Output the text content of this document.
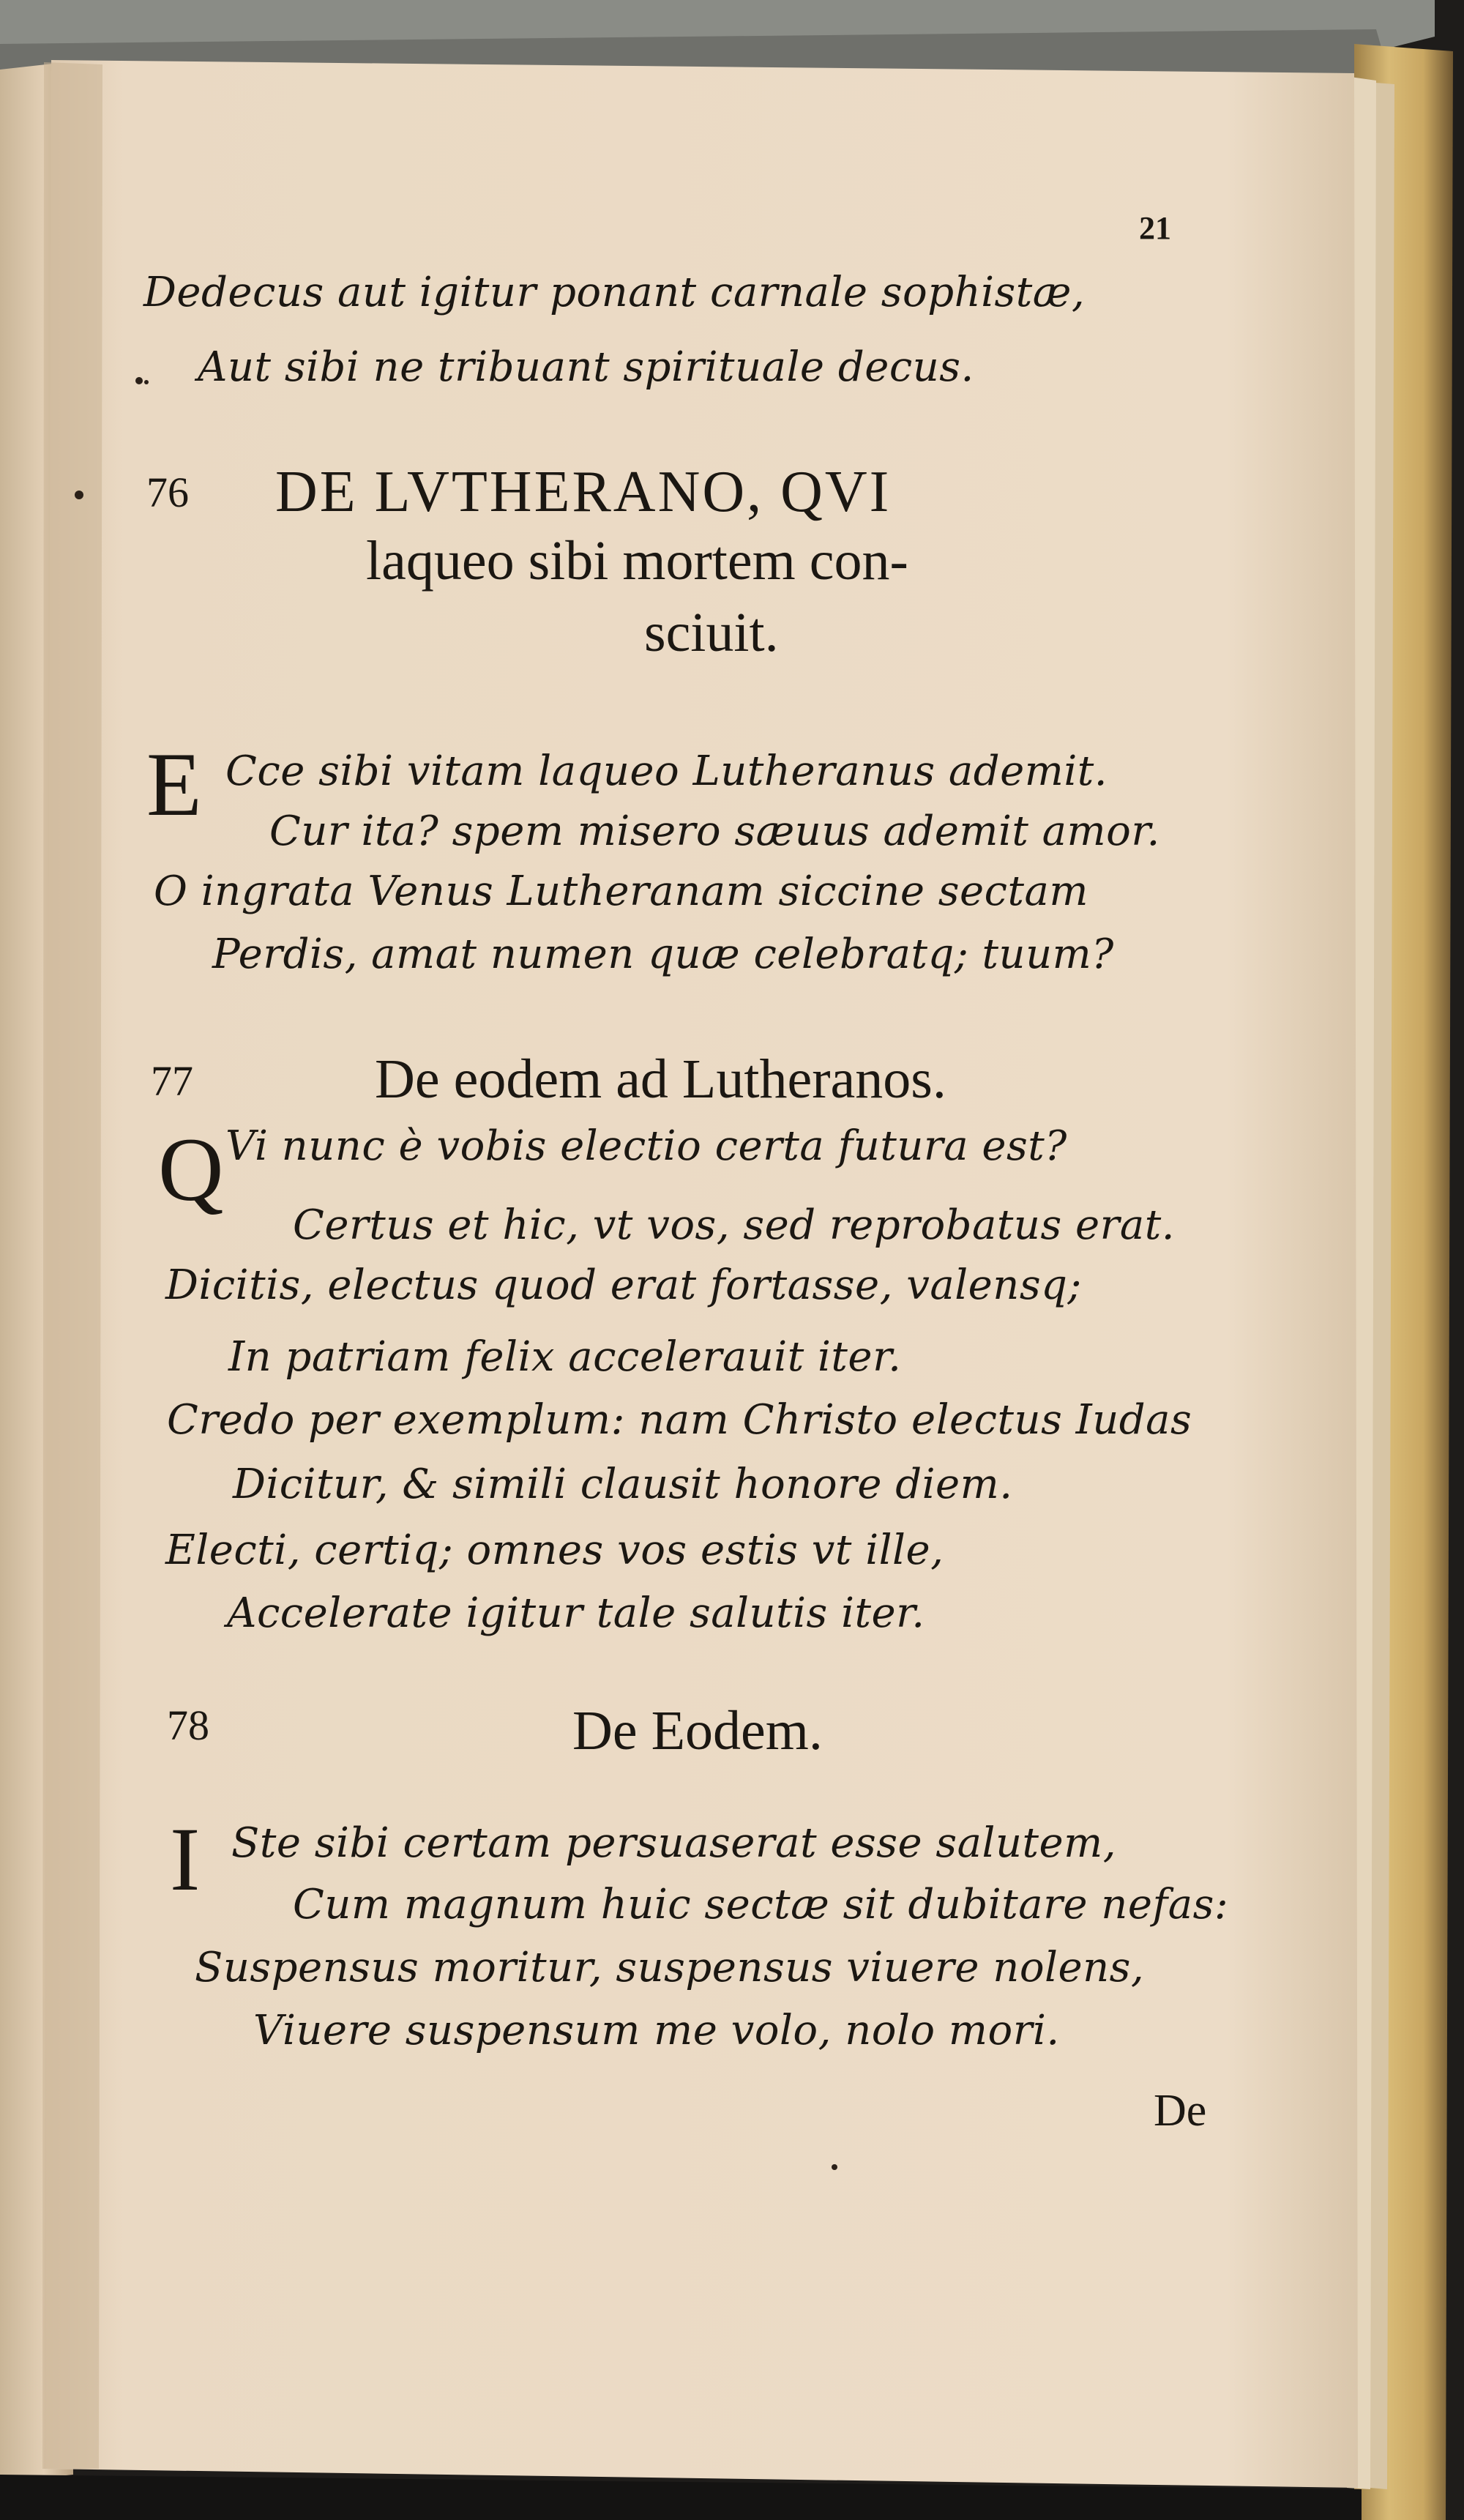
21
Dedecus aut igitur ponant carnale sophistæ,
Aut sibi ne tribuant spirituale decus.
76 DE LVTHERANO, QVI
laqueo sibi mortem con-
sciuit.
E Cce sibi vitam laqueo Lutheranus ademit.
Cur ita? spem misero sæuus ademit amor.
O ingrata Venus Lutheranam siccine sectam
Perdis, amat numen quæ celebratq; tuum?
77	De eodem ad Lutheranos.
Q Vi nunc è vobis electio certa futura est?
Certus et hic, vt vos, sed reprobatus erat.
Dicitis, electus quod erat fortasse, valensq;
In patriam felix accelerauit iter.
Credo per exemplum: nam Christo electus Iudas
Dicitur, & simili clausit honore diem.
Electi, certiq; omnes vos estis vt ille,
Accelerate igitur tale salutis iter.
78	De Eodem.
I Ste sibi certam persuaserat esse salutem,
Cum magnum huic sectæ sit dubitare nefas:
Suspensus moritur, suspensus viuere nolens,
Viuere suspensum me volo, nolo mori.
De
